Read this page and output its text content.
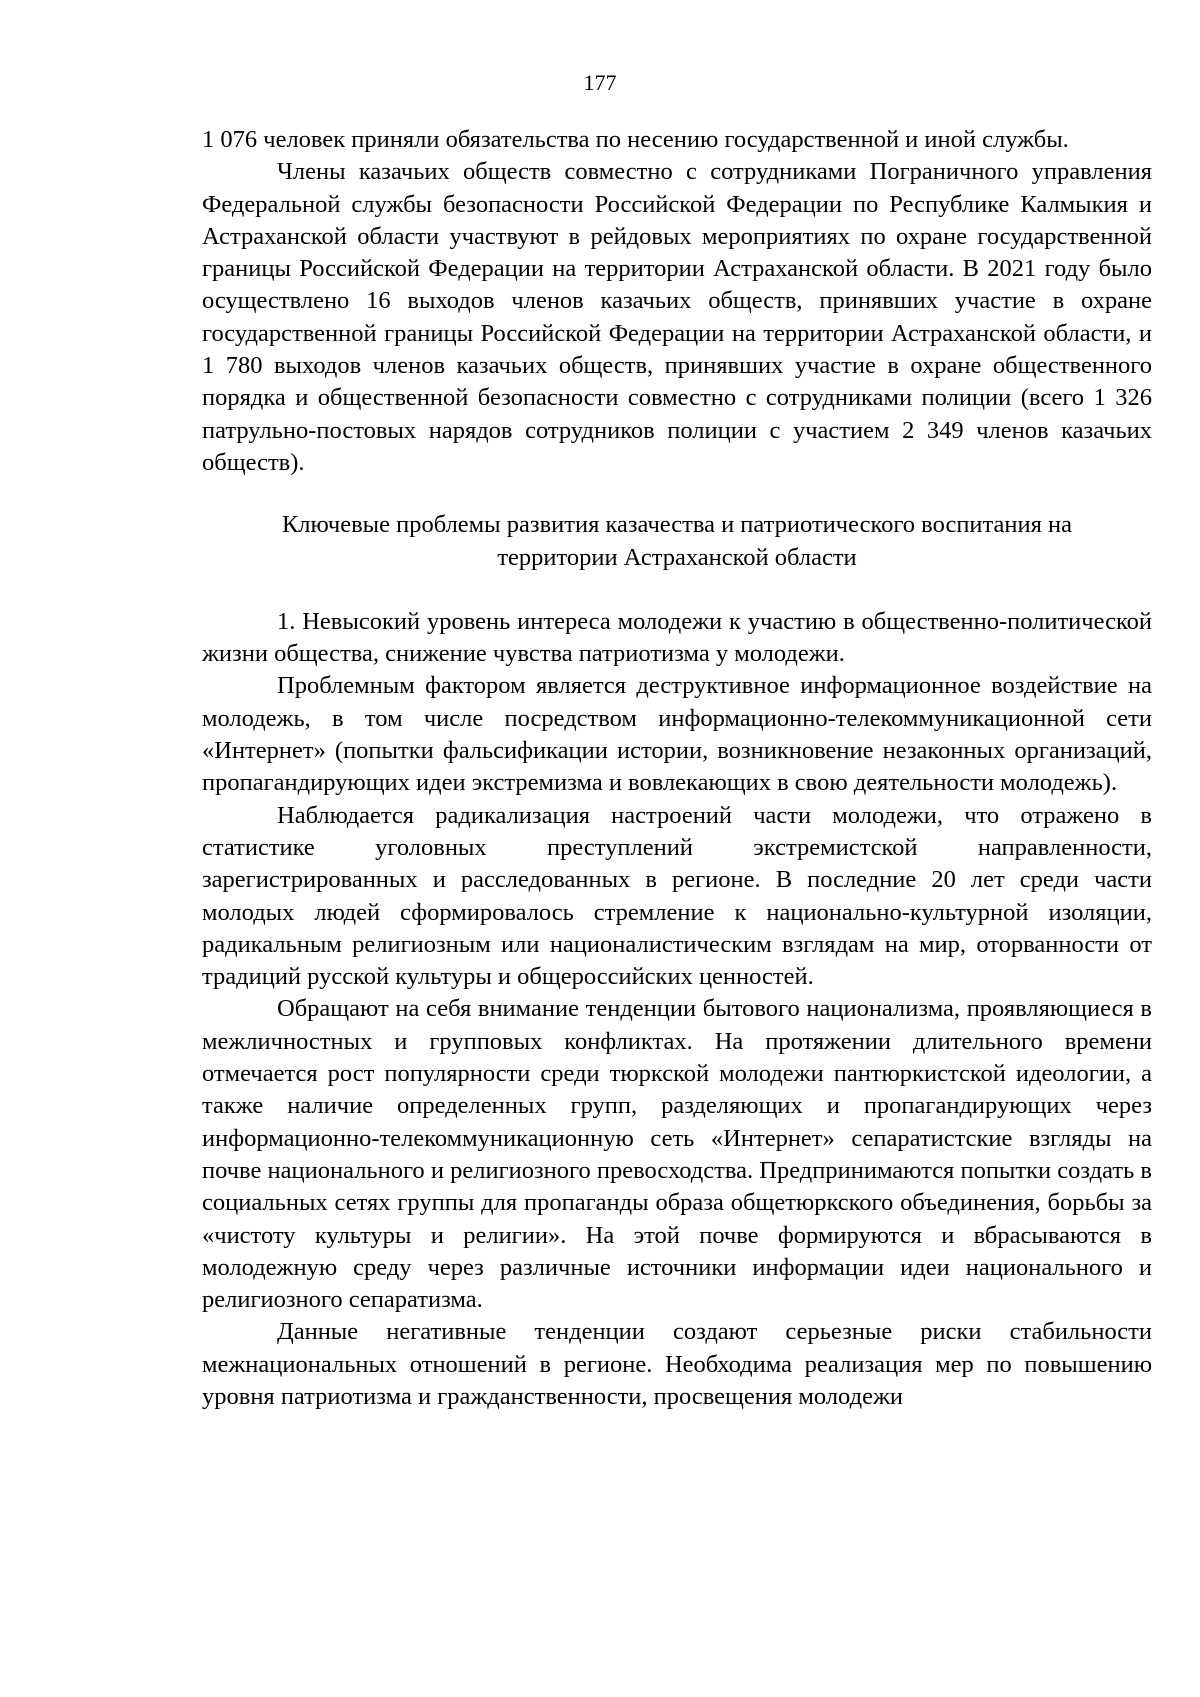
177

1 076 человек приняли обязательства по несению государственной и иной службы.

Члены казачьих обществ совместно с сотрудниками Пограничного управления Федеральной службы безопасности Российской Федерации по Республике Калмыкия и Астраханской области участвуют в рейдовых мероприятиях по охране государственной границы Российской Федерации на территории Астраханской области. В 2021 году было осуществлено 16 выходов членов казачьих обществ, принявших участие в охране государственной границы Российской Федерации на территории Астраханской области, и 1 780 выходов членов казачьих обществ, принявших участие в охране общественного порядка и общественной безопасности совместно с сотрудниками полиции (всего 1 326 патрульно-постовых нарядов сотрудников полиции с участием 2 349 членов казачьих обществ).

Ключевые проблемы развития казачества и патриотического воспитания на
территории Астраханской области

1. Невысокий уровень интереса молодежи к участию в общественно-политической жизни общества, снижение чувства патриотизма у молодежи.

Проблемным фактором является деструктивное информационное воздействие на молодежь, в том числе посредством информационно-телекоммуникационной сети «Интернет» (попытки фальсификации истории, возникновение незаконных организаций, пропагандирующих идеи экстремизма и вовлекающих в свою деятельности молодежь).

Наблюдается радикализация настроений части молодежи, что отражено в статистике уголовных преступлений экстремистской направленности, зарегистрированных и расследованных в регионе. В последние 20 лет среди части молодых людей сформировалось стремление к национально-культурной изоляции, радикальным религиозным или националистическим взглядам на мир, оторванности от традиций русской культуры и общероссийских ценностей.

Обращают на себя внимание тенденции бытового национализма, проявляющиеся в межличностных и групповых конфликтах. На протяжении длительного времени отмечается рост популярности среди тюркской молодежи пантюркистской идеологии, а также наличие определенных групп, разделяющих и пропагандирующих через информационно-телекоммуникационную сеть «Интернет» сепаратистские взгляды на почве национального и религиозного превосходства. Предпринимаются попытки создать в социальных сетях группы для пропаганды образа общетюркского объединения, борьбы за «чистоту культуры и религии». На этой почве формируются и вбрасываются в молодежную среду через различные источники информации идеи национального и религиозного сепаратизма.

Данные негативные тенденции создают серьезные риски стабильности межнациональных отношений в регионе. Необходима реализация мер по повышению уровня патриотизма и гражданственности, просвещения молодежи
